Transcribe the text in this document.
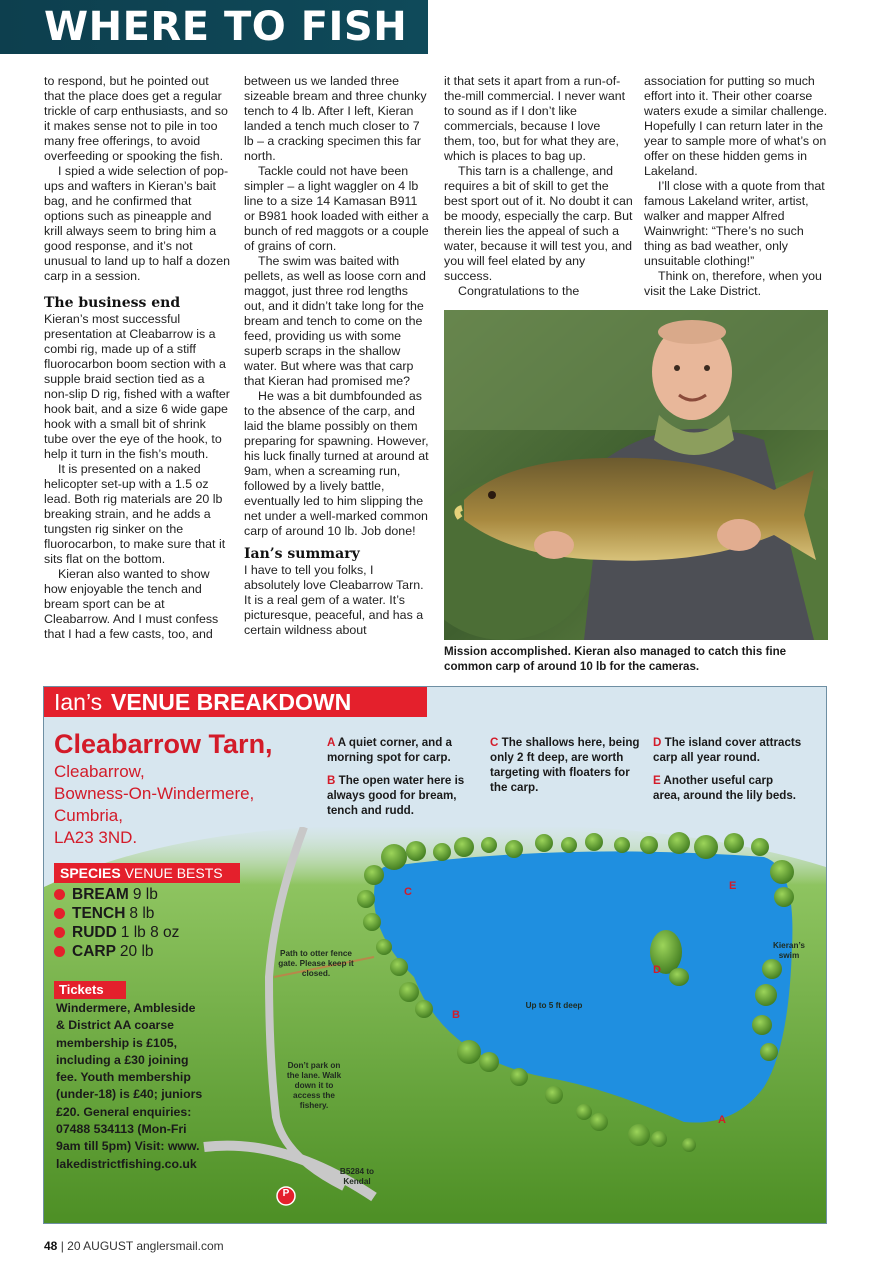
WHERE TO FISH

to respond, but he pointed out that the place does get a regular trickle of carp enthusiasts, and so it makes sense not to pile in too many free offerings, to avoid overfeeding or spooking the fish.

I spied a wide selection of pop-ups and wafters in Kieran’s bait bag, and he confirmed that options such as pineapple and krill always seem to bring him a good response, and it’s not unusual to land up to half a dozen carp in a session.

The business end

Kieran’s most successful presentation at Cleabarrow is a combi rig, made up of a stiff fluorocarbon boom section with a supple braid section tied as a non-slip D rig, fished with a wafter hook bait, and a size 6 wide gape hook with a small bit of shrink tube over the eye of the hook, to help it turn in the fish’s mouth.

It is presented on a naked helicopter set-up with a 1.5 oz lead. Both rig materials are 20 lb breaking strain, and he adds a tungsten rig sinker on the fluorocarbon, to make sure that it sits flat on the bottom.

Kieran also wanted to show how enjoyable the tench and bream sport can be at Cleabarrow. And I must confess that I had a few casts, too, and

between us we landed three sizeable bream and three chunky tench to 4 lb. After I left, Kieran landed a tench much closer to 7 lb – a cracking specimen this far north.

Tackle could not have been simpler – a light waggler on 4 lb line to a size 14 Kamasan B911 or B981 hook loaded with either a bunch of red maggots or a couple of grains of corn.

The swim was baited with pellets, as well as loose corn and maggot, just three rod lengths out, and it didn’t take long for the bream and tench to come on the feed, providing us with some superb scraps in the shallow water. But where was that carp that Kieran had promised me?

He was a bit dumbfounded as to the absence of the carp, and laid the blame possibly on them preparing for spawning. However, his luck finally turned at around at 9am, when a screaming run, followed by a lively battle, eventually led to him slipping the net under a well-marked common carp of around 10 lb. Job done!

Ian’s summary

I have to tell you folks, I absolutely love Cleabarrow Tarn. It is a real gem of a water. It’s picturesque, peaceful, and has a certain wildness about

it that sets it apart from a run-of-the-mill commercial. I never want to sound as if I don’t like commercials, because I love them, too, but for what they are, which is places to bag up.

This tarn is a challenge, and requires a bit of skill to get the best sport out of it. No doubt it can be moody, especially the carp. But therein lies the appeal of such a water, because it will test you, and you will feel elated by any success.

Congratulations to the

association for putting so much effort into it. Their other coarse waters exude a similar challenge. Hopefully I can return later in the year to sample more of what’s on offer on these hidden gems in Lakeland.

I’ll close with a quote from that famous Lakeland writer, artist, walker and mapper Alfred Wainwright: “There’s no such thing as bad weather, only unsuitable clothing!”

Think on, therefore, when you visit the Lake District.

Mission accomplished. Kieran also managed to catch this fine common carp of around 10 lb for the cameras.
Ian’s VENUE BREAKDOWN
Cleabarrow Tarn,
Cleabarrow,
Bowness-On-Windermere,
Cumbria,
LA23 3ND.
A A quiet corner, and a morning spot for carp.
B The open water here is always good for bream, tench and rudd.
C The shallows here, being only 2 ft deep, are worth targeting with floaters for the carp.
D The island cover attracts carp all year round.
E Another useful carp area, around the lily beds.
SPECIES VENUE BESTS
BREAM 9 lb
TENCH 8 lb
RUDD 1 lb 8 oz
CARP 20 lb
Tickets
Windermere, Ambleside & District AA coarse membership is £105, including a £30 joining fee. Youth membership (under-18) is £40; juniors £20. General enquiries: 07488 534113 (Mon-Fri 9am till 5pm) Visit: www. lakedistrictfishing.co.uk
Path to otter fence gate. Please keep it closed.
Don’t park on the lane. Walk down it to access the fishery.
B5284 to Kendal
Kieran’s swim
Up to 5 ft deep
P
C	E
D
B
A
48 | 20 AUGUST anglersmail.com
